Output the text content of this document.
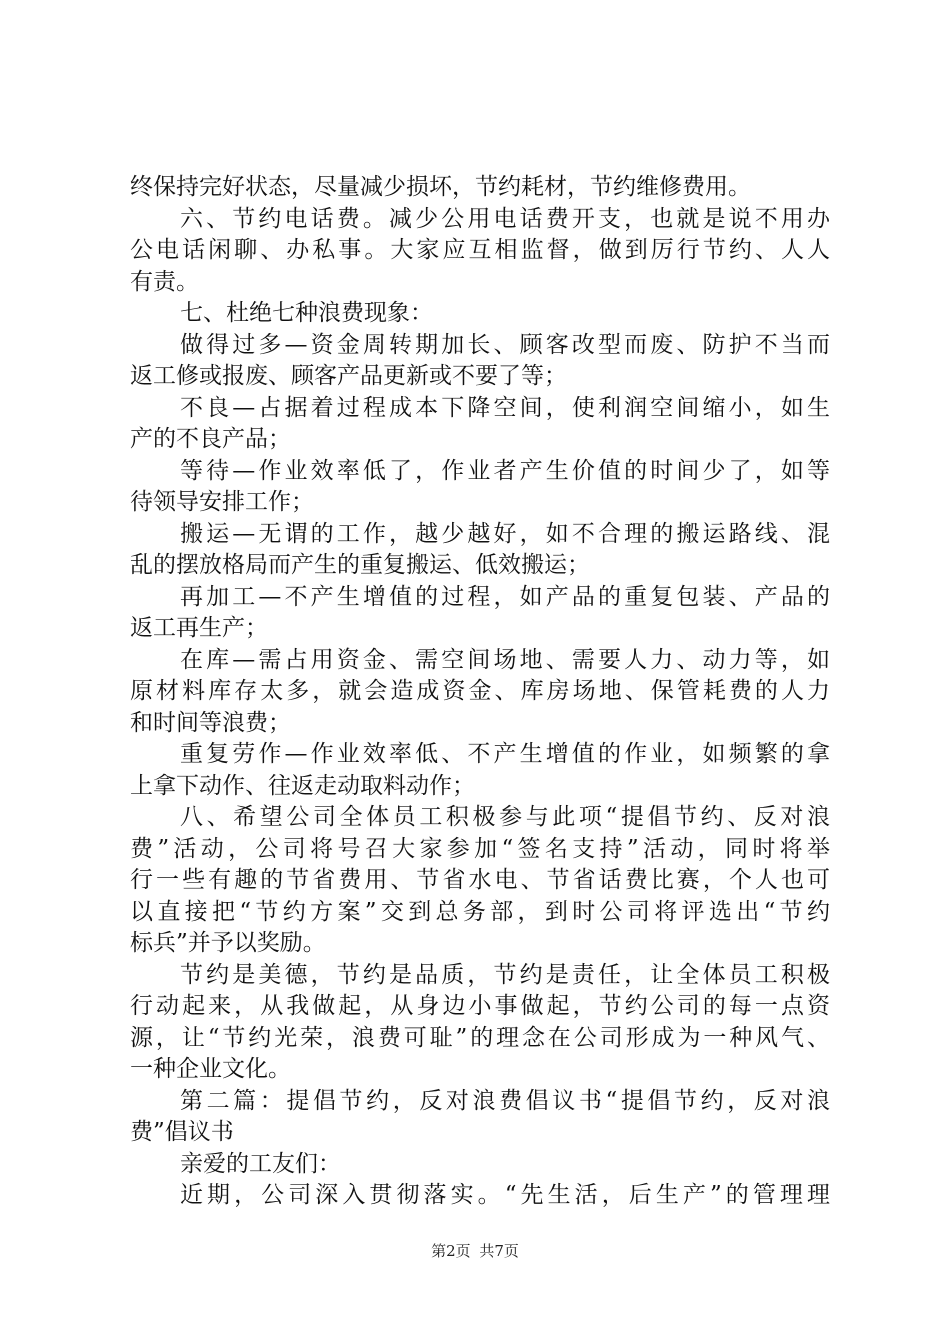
终保持完好状态，尽量减少损坏，节约耗材，节约维修费用。
六、节约电话费。减少公用电话费开支，也就是说不用办
公电话闲聊、办私事。大家应互相监督，做到厉行节约、人人
有责。
七、杜绝七种浪费现象：
做得过多—资金周转期加长、顾客改型而废、防护不当而
返工修或报废、顾客产品更新或不要了等；
不良—占据着过程成本下降空间，使利润空间缩小，如生
产的不良产品；
等待—作业效率低了，作业者产生价值的时间少了，如等
待领导安排工作；
搬运—无谓的工作，越少越好，如不合理的搬运路线、混
乱的摆放格局而产生的重复搬运、低效搬运；
再加工—不产生增值的过程，如产品的重复包装、产品的
返工再生产；
在库—需占用资金、需空间场地、需要人力、动力等，如
原材料库存太多，就会造成资金、库房场地、保管耗费的人力
和时间等浪费；
重复劳作—作业效率低、不产生增值的作业，如频繁的拿
上拿下动作、往返走动取料动作；
八、希望公司全体员工积极参与此项“提倡节约、反对浪
费”活动，公司将号召大家参加“签名支持”活动，同时将举
行一些有趣的节省费用、节省水电、节省话费比赛，个人也可
以直接把“节约方案”交到总务部，到时公司将评选出“节约
标兵”并予以奖励。
节约是美德，节约是品质，节约是责任，让全体员工积极
行动起来，从我做起，从身边小事做起，节约公司的每一点资
源，让“节约光荣，浪费可耻”的理念在公司形成为一种风气、
一种企业文化。
第二篇：提倡节约，反对浪费倡议书“提倡节约，反对浪
费”倡议书
亲爱的工友们：
近期，公司深入贯彻落实。“先生活，后生产”的管理理
第2页 共7页
